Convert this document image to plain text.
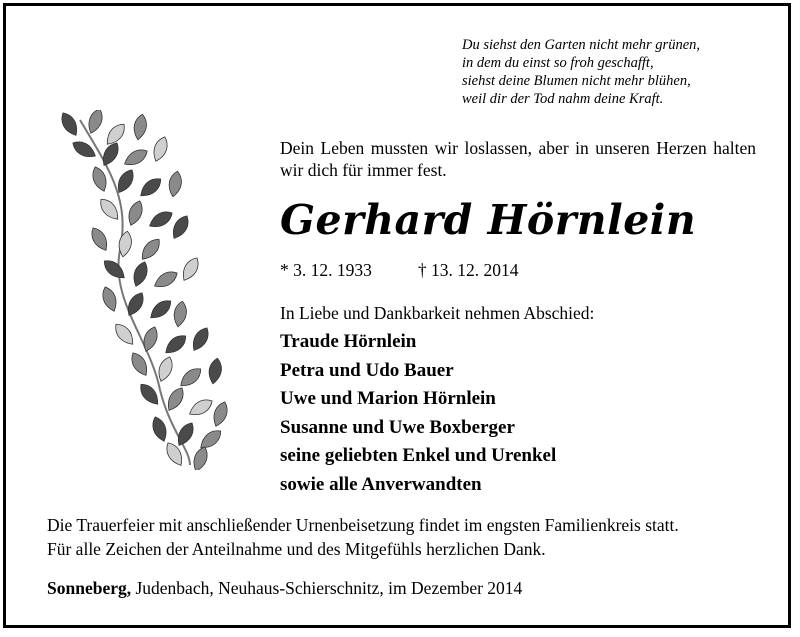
Du siehst den Garten nicht mehr grünen,
in dem du einst so froh geschafft,
siehst deine Blumen nicht mehr blühen,
weil dir der Tod nahm deine Kraft.
Dein Leben mussten wir loslassen, aber in unseren Herzen halten wir dich für immer fest.
Gerhard Hörnlein
* 3. 12. 1933	† 13. 12. 2014
In Liebe und Dankbarkeit nehmen Abschied:
Traude Hörnlein
Petra und Udo Bauer
Uwe und Marion Hörnlein
Susanne und Uwe Boxberger
seine geliebten Enkel und Urenkel
sowie alle Anverwandten
Die Trauerfeier mit anschließender Urnenbeisetzung findet im engsten Familienkreis statt.
Für alle Zeichen der Anteilnahme und des Mitgefühls herzlichen Dank.
Sonneberg, Judenbach, Neuhaus-Schierschnitz, im Dezember 2014
